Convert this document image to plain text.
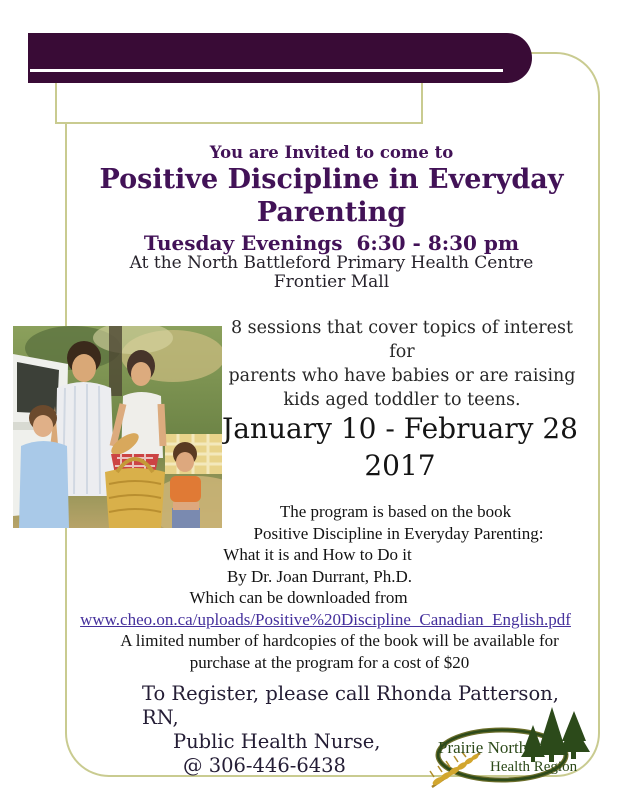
You are Invited to come to
Positive Discipline in Everyday
Parenting
Tuesday Evenings  6:30 - 8:30 pm
At the North Battleford Primary Health Centre
Frontier Mall
8 sessions that cover topics of interest for
parents who have babies or are raising
kids aged toddler to teens.
January 10 - February 28
2017
The program is based on the book
Positive Discipline in Everyday Parenting:
What it is and How to Do it
By Dr. Joan Durrant, Ph.D.
Which can be downloaded from
www.cheo.on.ca/uploads/Positive%20Discipline_Canadian_English.pdf
A limited number of hardcopies of the book will be available for
purchase at the program for a cost of $20
To Register, please call Rhonda Patterson, RN,
Public Health Nurse,
@ 306-446-6438
Prairie North
Health Region
